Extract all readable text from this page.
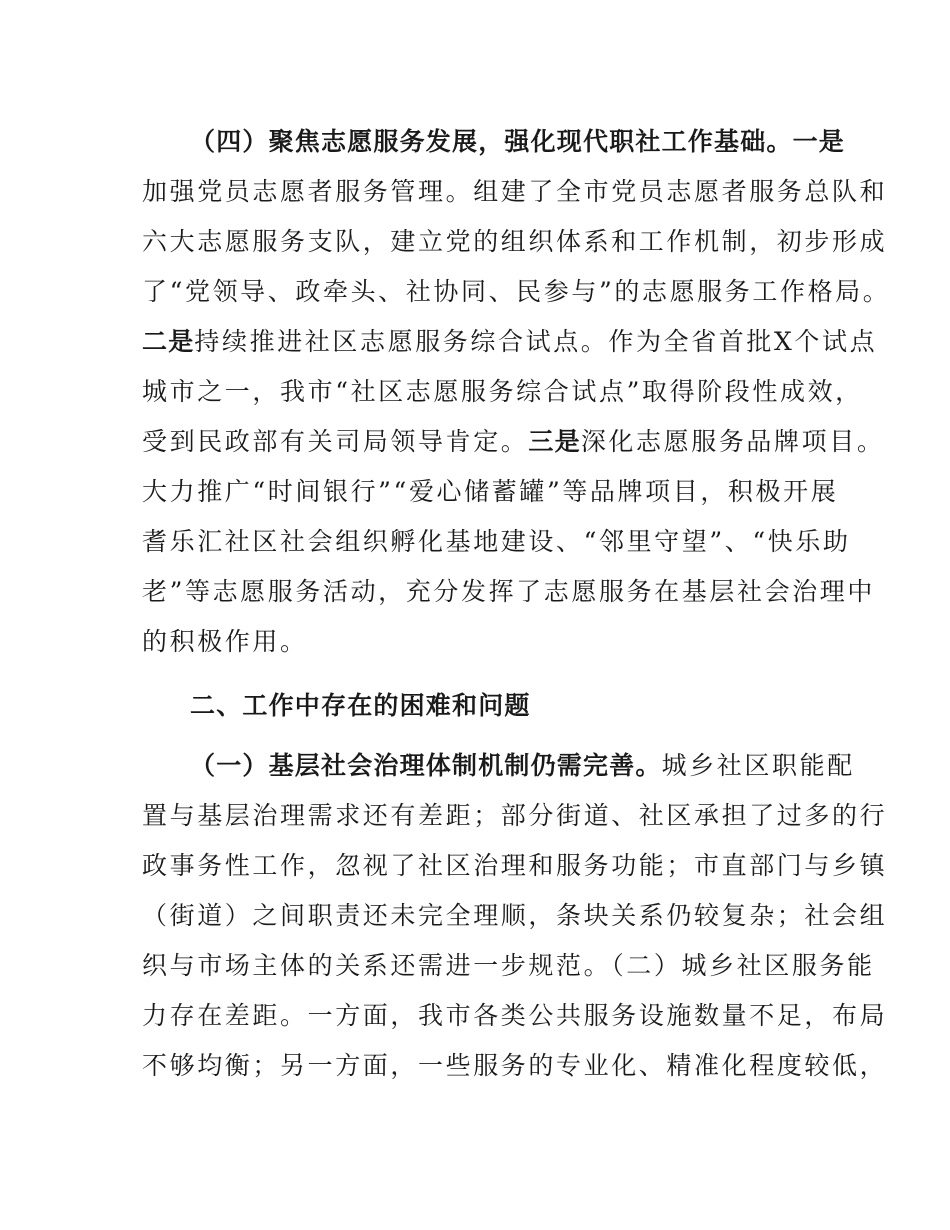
（四）聚焦志愿服务发展，强化现代职社工作基础。一是
加强党员志愿者服务管理。组建了全市党员志愿者服务总队和
六大志愿服务支队，建立党的组织体系和工作机制，初步形成
了“党领导、政牵头、社协同、民参与”的志愿服务工作格局。
二是持续推进社区志愿服务综合试点。作为全省首批X个试点
城市之一，我市“社区志愿服务综合试点”取得阶段性成效，
受到民政部有关司局领导肯定。三是深化志愿服务品牌项目。
大力推广“时间银行”“爱心储蓄罐”等品牌项目，积极开展
耆乐汇社区社会组织孵化基地建设、“邻里守望”、“快乐助
老”等志愿服务活动，充分发挥了志愿服务在基层社会治理中
的积极作用。
二、工作中存在的困难和问题
（一）基层社会治理体制机制仍需完善。城乡社区职能配
置与基层治理需求还有差距；部分街道、社区承担了过多的行
政事务性工作，忽视了社区治理和服务功能；市直部门与乡镇
（街道）之间职责还未完全理顺，条块关系仍较复杂；社会组
织与市场主体的关系还需进一步规范。（二）城乡社区服务能
力存在差距。一方面，我市各类公共服务设施数量不足，布局
不够均衡；另一方面，一些服务的专业化、精准化程度较低，
